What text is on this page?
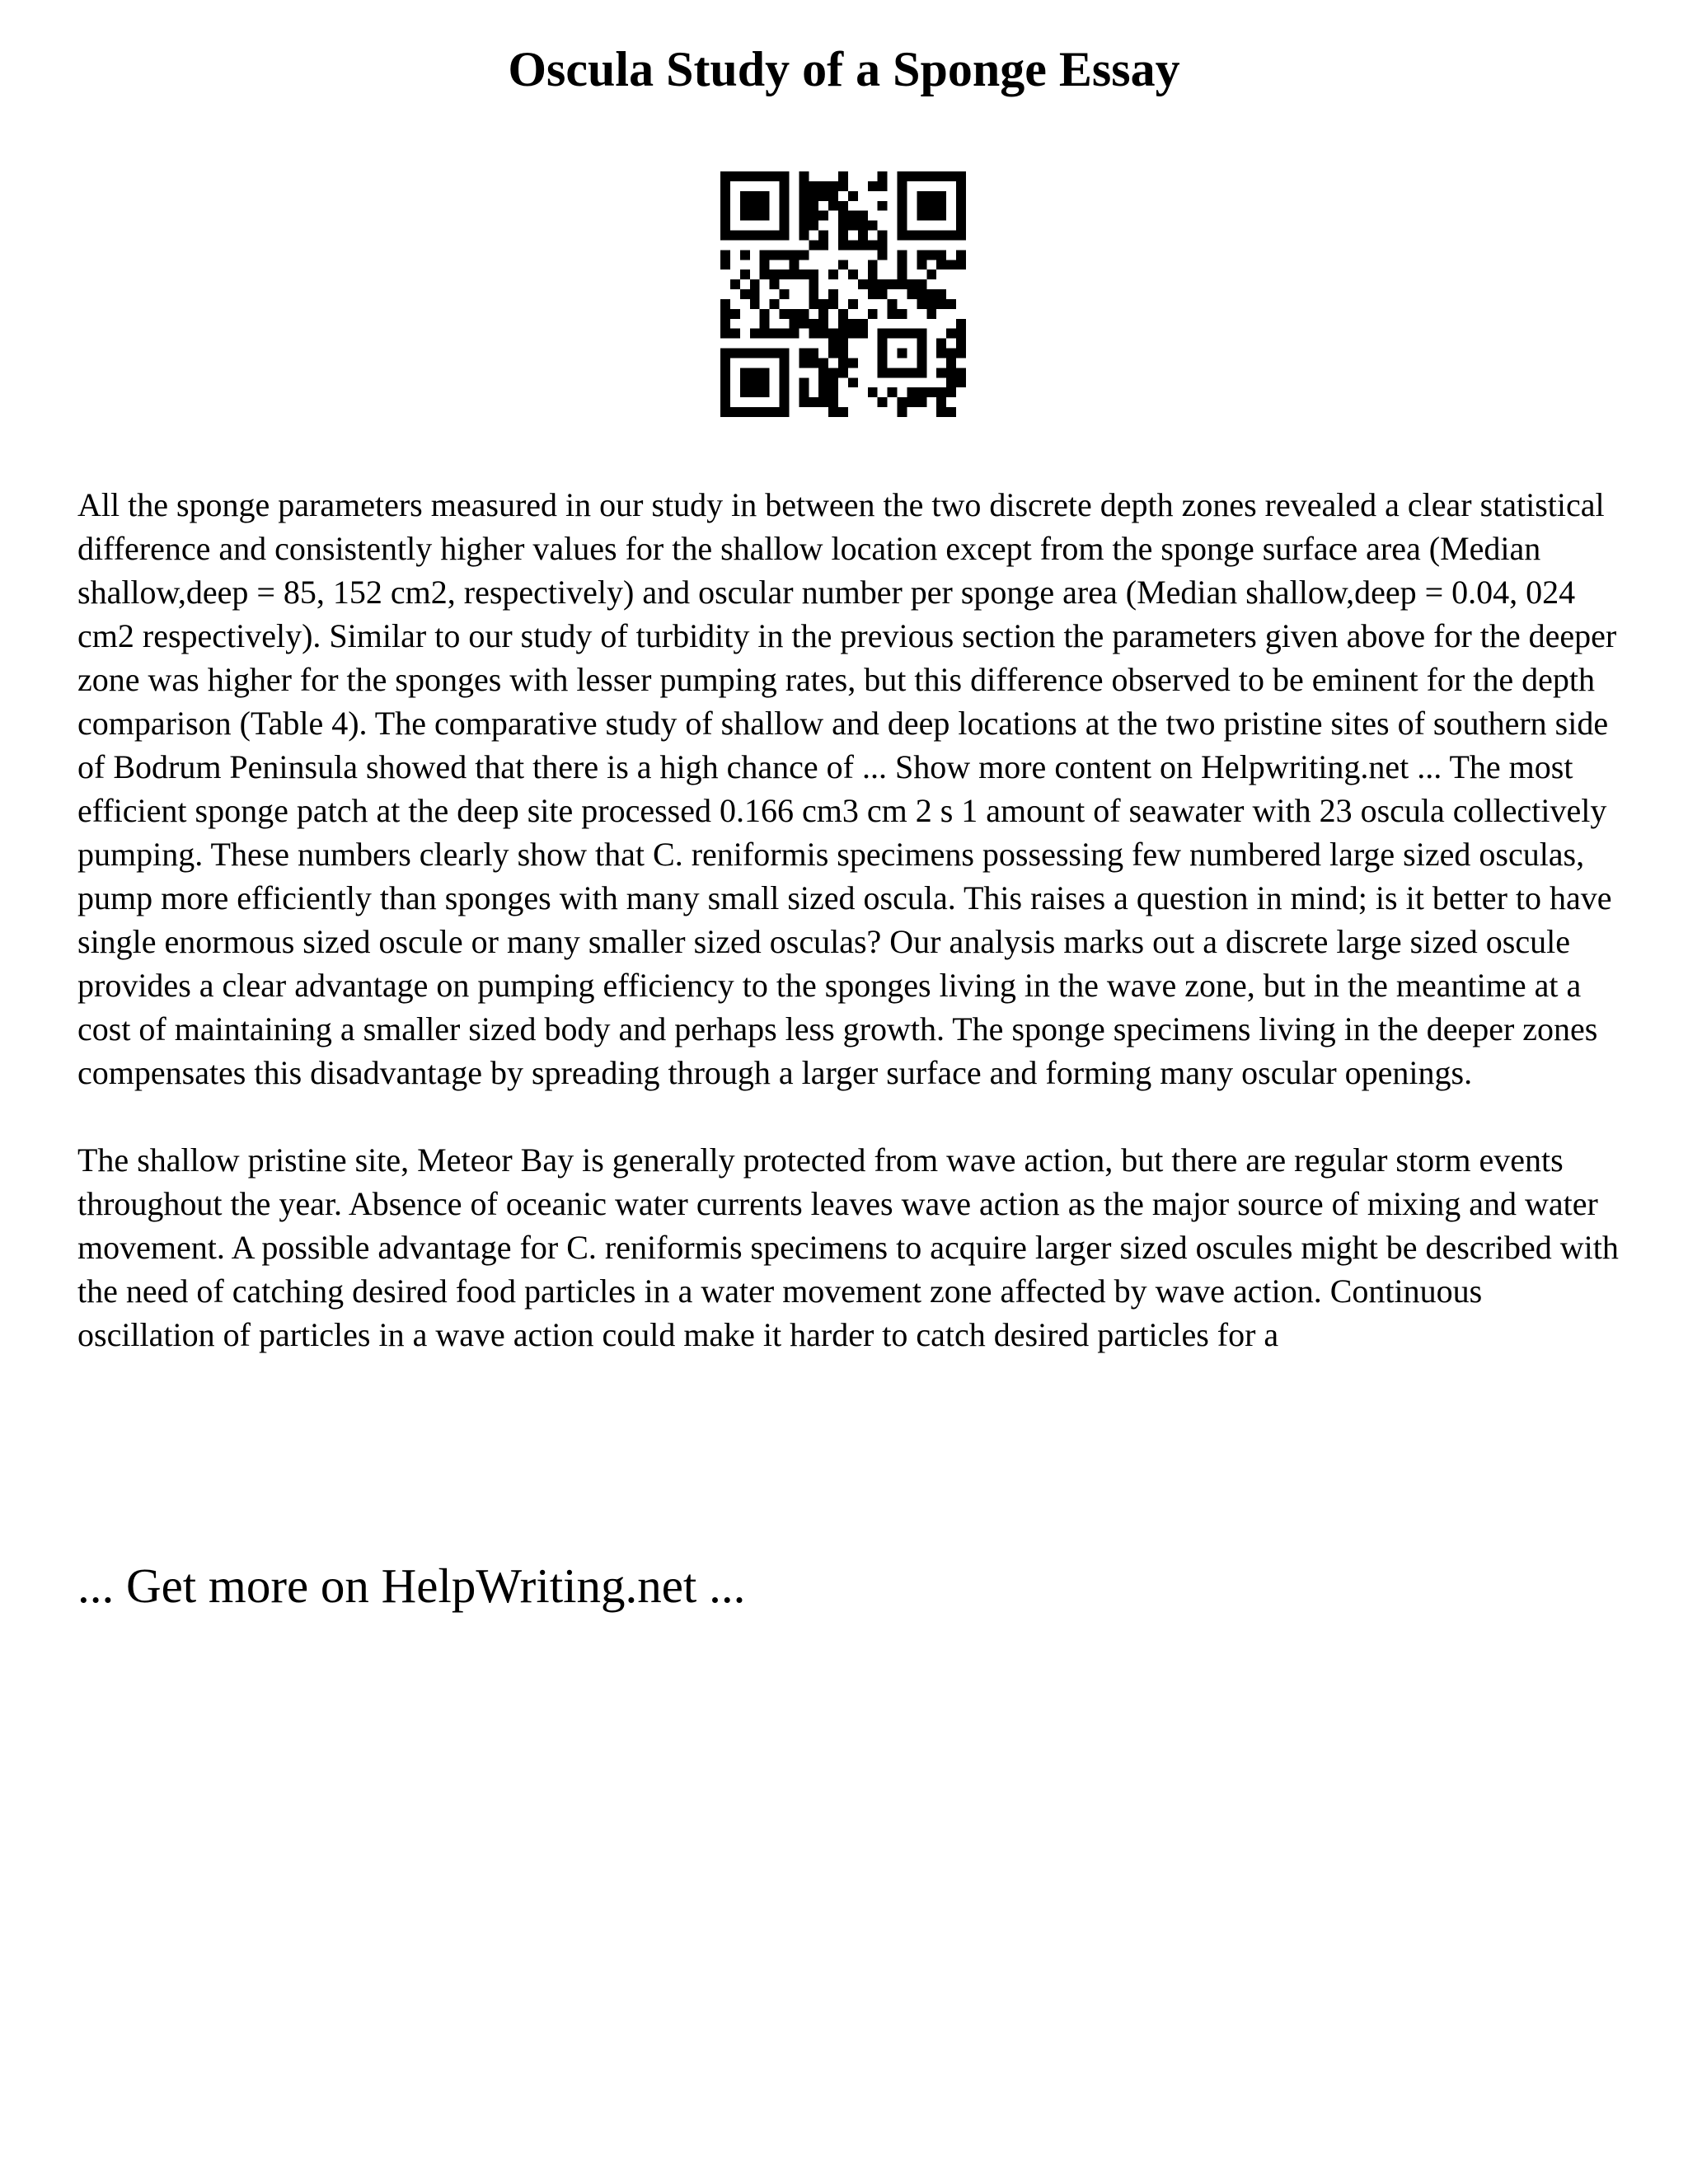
Oscula Study of a Sponge Essay

All the sponge parameters measured in our study in between the two discrete depth zones revealed a clear statistical difference and consistently higher values for the shallow location except from the sponge surface area (Median shallow,deep = 85, 152 cm2, respectively) and oscular number per sponge area (Median shallow,deep = 0.04, 024 cm2 respectively). Similar to our study of turbidity in the previous section the parameters given above for the deeper zone was higher for the sponges with lesser pumping rates, but this difference observed to be eminent for the depth comparison (Table 4). The comparative study of shallow and deep locations at the two pristine sites of southern side of Bodrum Peninsula showed that there is a high chance of ... Show more content on Helpwriting.net ... The most efficient sponge patch at the deep site processed 0.166 cm3 cm 2 s 1 amount of seawater with 23 oscula collectively pumping. These numbers clearly show that C. reniformis specimens possessing few numbered large sized osculas, pump more efficiently than sponges with many small sized oscula. This raises a question in mind; is it better to have single enormous sized oscule or many smaller sized osculas? Our analysis marks out a discrete large sized oscule provides a clear advantage on pumping efficiency to the sponges living in the wave zone, but in the meantime at a cost of maintaining a smaller sized body and perhaps less growth. The sponge specimens living in the deeper zones compensates this disadvantage by spreading through a larger surface and forming many oscular openings.

The shallow pristine site, Meteor Bay is generally protected from wave action, but there are regular storm events throughout the year. Absence of oceanic water currents leaves wave action as the major source of mixing and water movement. A possible advantage for C. reniformis specimens to acquire larger sized oscules might be described with the need of catching desired food particles in a water movement zone affected by wave action. Continuous oscillation of particles in a wave action could make it harder to catch desired particles for a

... Get more on HelpWriting.net ...
